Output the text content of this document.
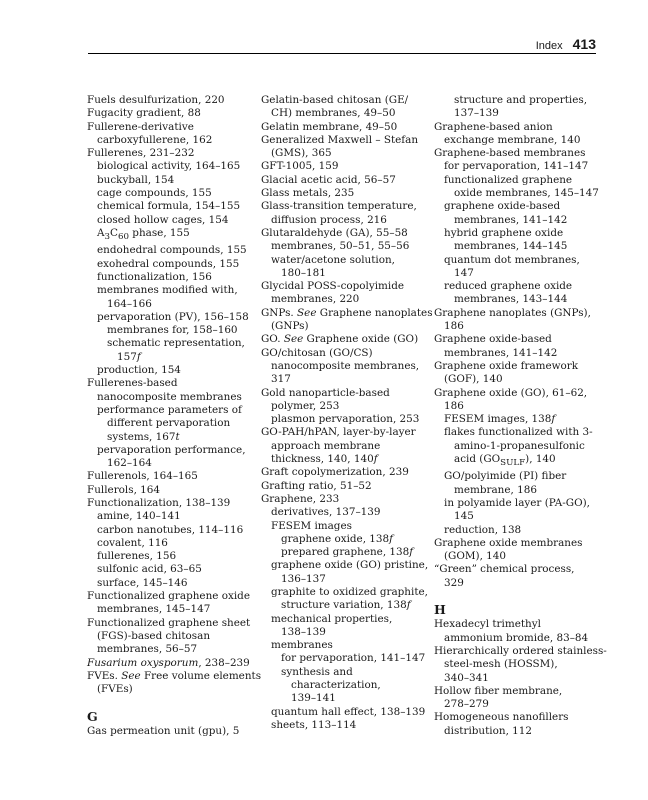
Index 413
Fuels desulfurization, 220
Fugacity gradient, 88
Fullerene-derivative
carboxyfullerene, 162
Fullerenes, 231–232
biological activity, 164–165
buckyball, 154
cage compounds, 155
chemical formula, 154–155
closed hollow cages, 154
$A_3C_{60}$ phase, 155
endohedral compounds, 155
exohedral compounds, 155
functionalization, 156
membranes modified with,
164–166
pervaporation (PV), 156–158
membranes for, 158–160
schematic representation,
157f
production, 154
Fullerenes-based
nanocomposite membranes
performance parameters of
different pervaporation
systems, 167t
pervaporation performance,
162–164
Fullerenols, 164–165
Fullerols, 164
Functionalization, 138–139
amine, 140–141
carbon nanotubes, 114–116
covalent, 116
fullerenes, 156
sulfonic acid, 63–65
surface, 145–146
Functionalized graphene oxide
membranes, 145–147
Functionalized graphene sheet
(FGS)-based chitosan
membranes, 56–57
Fusarium oxysporum, 238–239
FVEs. See Free volume elements
(FVEs)
G
Gas permeation unit (gpu), 5
Gelatin-based chitosan (GE/
CH) membranes, 49–50
Gelatin membrane, 49–50
Generalized Maxwell – Stefan
(GMS), 365
GFT-1005, 159
Glacial acetic acid, 56–57
Glass metals, 235
Glass-transition temperature,
diffusion process, 216
Glutaraldehyde (GA), 55–58
membranes, 50–51, 55–56
water/acetone solution,
180–181
Glycidal POSS-copolyimide
membranes, 220
GNPs. See Graphene nanoplates
(GNPs)
GO. See Graphene oxide (GO)
GO/chitosan (GO/CS)
nanocomposite membranes,
317
Gold nanoparticle-based
polymer, 253
plasmon pervaporation, 253
GO-PAH/hPAN, layer-by-layer
approach membrane
thickness, 140, 140f
Graft copolymerization, 239
Grafting ratio, 51–52
Graphene, 233
derivatives, 137–139
FESEM images
graphene oxide, 138f
prepared graphene, 138f
graphene oxide (GO) pristine,
136–137
graphite to oxidized graphite,
structure variation, 138f
mechanical properties,
138–139
membranes
for pervaporation, 141–147
synthesis and
characterization,
139–141
quantum hall effect, 138–139
sheets, 113–114
structure and properties,
137–139
Graphene-based anion
exchange membrane, 140
Graphene-based membranes
for pervaporation, 141–147
functionalized graphene
oxide membranes, 145–147
graphene oxide-based
membranes, 141–142
hybrid graphene oxide
membranes, 144–145
quantum dot membranes,
147
reduced graphene oxide
membranes, 143–144
Graphene nanoplates (GNPs),
186
Graphene oxide-based
membranes, 141–142
Graphene oxide framework
(GOF), 140
Graphene oxide (GO), 61–62,
186
FESEM images, 138f
flakes functionalized with 3-
amino-1-propanesulfonic
acid $(GO_{SULF})$, 140
GO/polyimide (PI) fiber
membrane, 186
in polyamide layer (PA-GO),
145
reduction, 138
Graphene oxide membranes
(GOM), 140
“Green” chemical process,
329
H
Hexadecyl trimethyl
ammonium bromide, 83–84
Hierarchically ordered stainless-
steel-mesh (HOSSM),
340–341
Hollow fiber membrane,
278–279
Homogeneous nanofillers
distribution, 112
